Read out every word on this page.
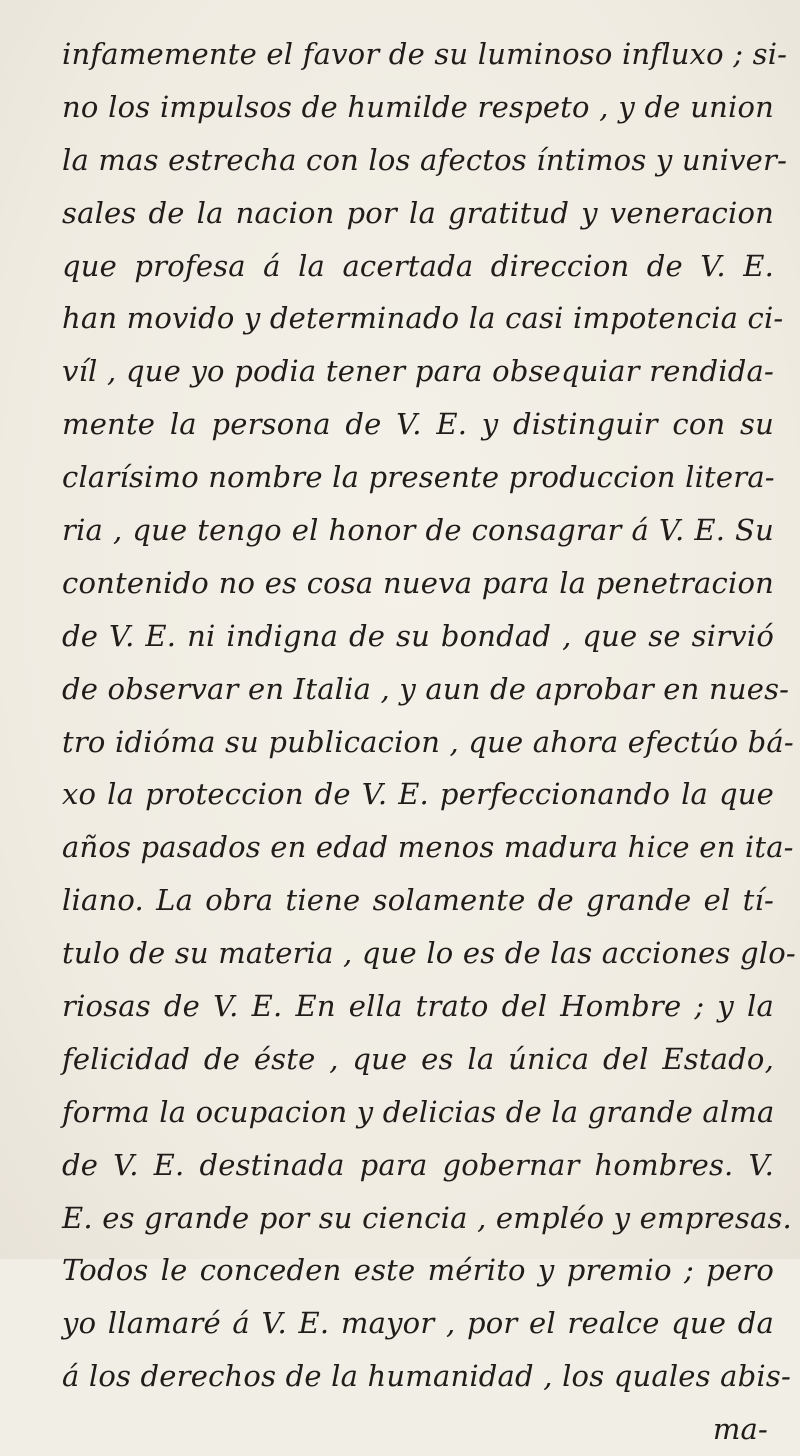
infamemente el favor de su luminoso influxo ; si-
no los impulsos de humilde respeto , y de union
la mas estrecha con los afectos íntimos y univer-
sales de la nacion por la gratitud y veneracion
que profesa á la acertada direccion de V. E.
han movido y determinado la casi impotencia ci-
víl , que yo podia tener para obsequiar rendida-
mente la persona de V. E. y distinguir con su
clarísimo nombre la presente produccion litera-
ria , que tengo el honor de consagrar á V. E. Su
contenido no es cosa nueva para la penetracion
de V. E. ni indigna de su bondad , que se sirvió
de observar en Italia , y aun de aprobar en nues-
tro idióma su publicacion , que ahora efectúo bá-
xo la proteccion de V. E. perfeccionando la que
años pasados en edad menos madura hice en ita-
liano. La obra tiene solamente de grande el tí-
tulo de su materia , que lo es de las acciones glo-
riosas de V. E. En ella trato del Hombre ; y la
felicidad de éste , que es la única del Estado,
forma la ocupacion y delicias de la grande alma
de V. E. destinada para gobernar hombres. V.
E. es grande por su ciencia , empléo y empresas.
Todos le conceden este mérito y premio ; pero
yo llamaré á V. E. mayor , por el realce que da
á los derechos de la humanidad , los quales abis-
ma-
